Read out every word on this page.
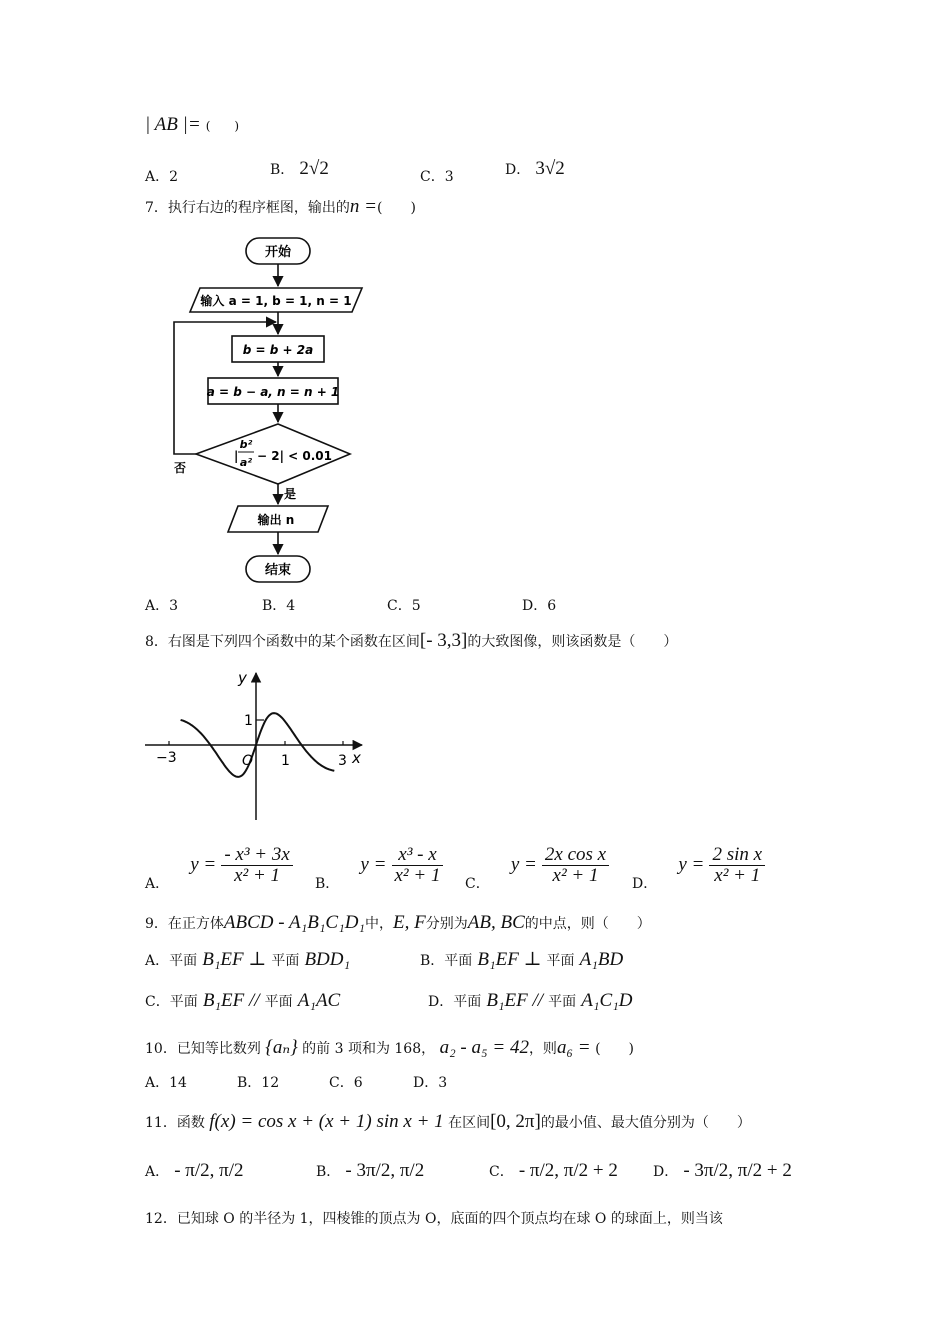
| AB |= (　　)
A．2	B． 2√2	C．3	D． 3√2
7．执行右边的程序框图，输出的n =(　　)
开始
输入 a = 1, b = 1, n = 1
b = b + 2a
a = b − a, n = n + 1
|
b²
a² − 2| < 0.01
否
是
输出 n
结束
A．3	B．4	C．5	D．6
8．右图是下列四个函数中的某个函数在区间[- 3,3]的大致图像，则该函数是（　　）
y
x
O
−3	1	3
1
A． $y = \frac{\text{- x³ + 3x}}{\text{x² + 1}}$ B． $y = \frac{\text{x³ - x}}{\text{x² + 1}}$ C． $y = \frac{\text{2x cos x}}{\text{x² + 1}}$ D． $y = \frac{\text{2 sin x}}{\text{x² + 1}}$
9．在正方体ABCD - A₁B₁C₁D₁中，E, F分别为AB, BC的中点，则（　　）
A．平面 B₁EF ⊥ 平面 BDD₁	B．平面 B₁EF ⊥ 平面 A₁BD
C．平面 B₁EF // 平面 A₁AC	D．平面 B₁EF // 平面 A₁C₁D
10．已知等比数列 {aₙ} 的前 3 项和为 168， a₂ - a₅ = 42，则a₆ = (　　)
A．14	B．12	C．6	D．3
11．函数 f(x) = cos x + (x + 1) sin x + 1 在区间[0, 2π]的最小值、最大值分别为（　　）
A． - π/2, π/2	B． - 3π/2, π/2	C． - π/2, π/2 + 2	D． - 3π/2, π/2 + 2
12．已知球 O 的半径为 1，四棱锥的顶点为 O，底面的四个顶点均在球 O 的球面上，则当该
